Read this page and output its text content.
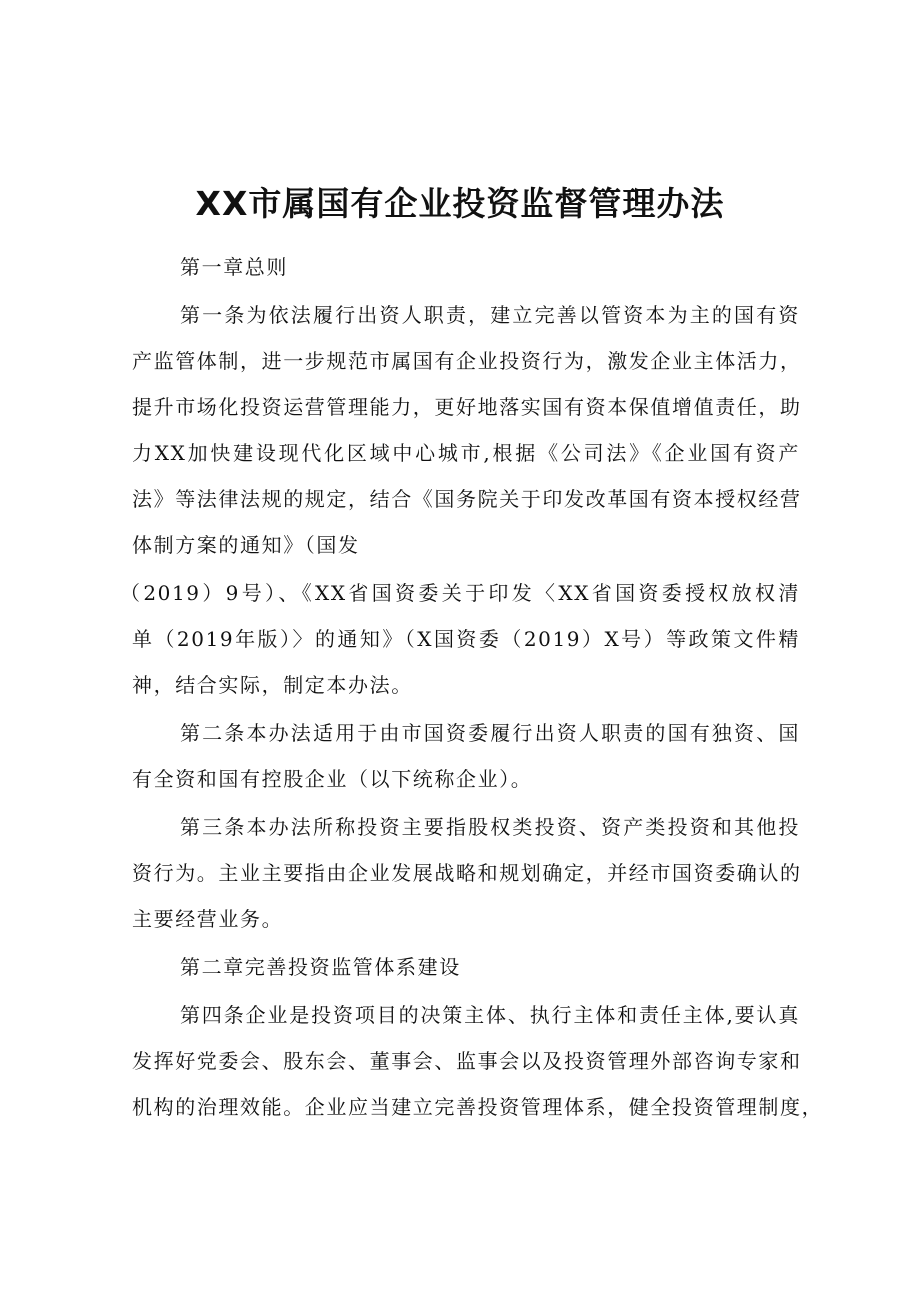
XX市属国有企业投资监督管理办法
第一章总则
第一条为依法履行出资人职责，建立完善以管资本为主的国有资
产监管体制，进一步规范市属国有企业投资行为，激发企业主体活力，
提升市场化投资运营管理能力，更好地落实国有资本保值增值责任，助
力XX加快建设现代化区域中心城市,根据《公司法》《企业国有资产
法》等法律法规的规定，结合《国务院关于印发改革国有资本授权经营
体制方案的通知》（国发
（2019）9号）、《XX省国资委关于印发〈XX省国资委授权放权清
单（2019年版）〉的通知》（X国资委（2019）X号）等政策文件精
神，结合实际，制定本办法。
第二条本办法适用于由市国资委履行出资人职责的国有独资、国
有全资和国有控股企业（以下统称企业）。
第三条本办法所称投资主要指股权类投资、资产类投资和其他投
资行为。主业主要指由企业发展战略和规划确定，并经市国资委确认的
主要经营业务。
第二章完善投资监管体系建设
第四条企业是投资项目的决策主体、执行主体和责任主体,要认真
发挥好党委会、股东会、董事会、监事会以及投资管理外部咨询专家和
机构的治理效能。企业应当建立完善投资管理体系，健全投资管理制度，
